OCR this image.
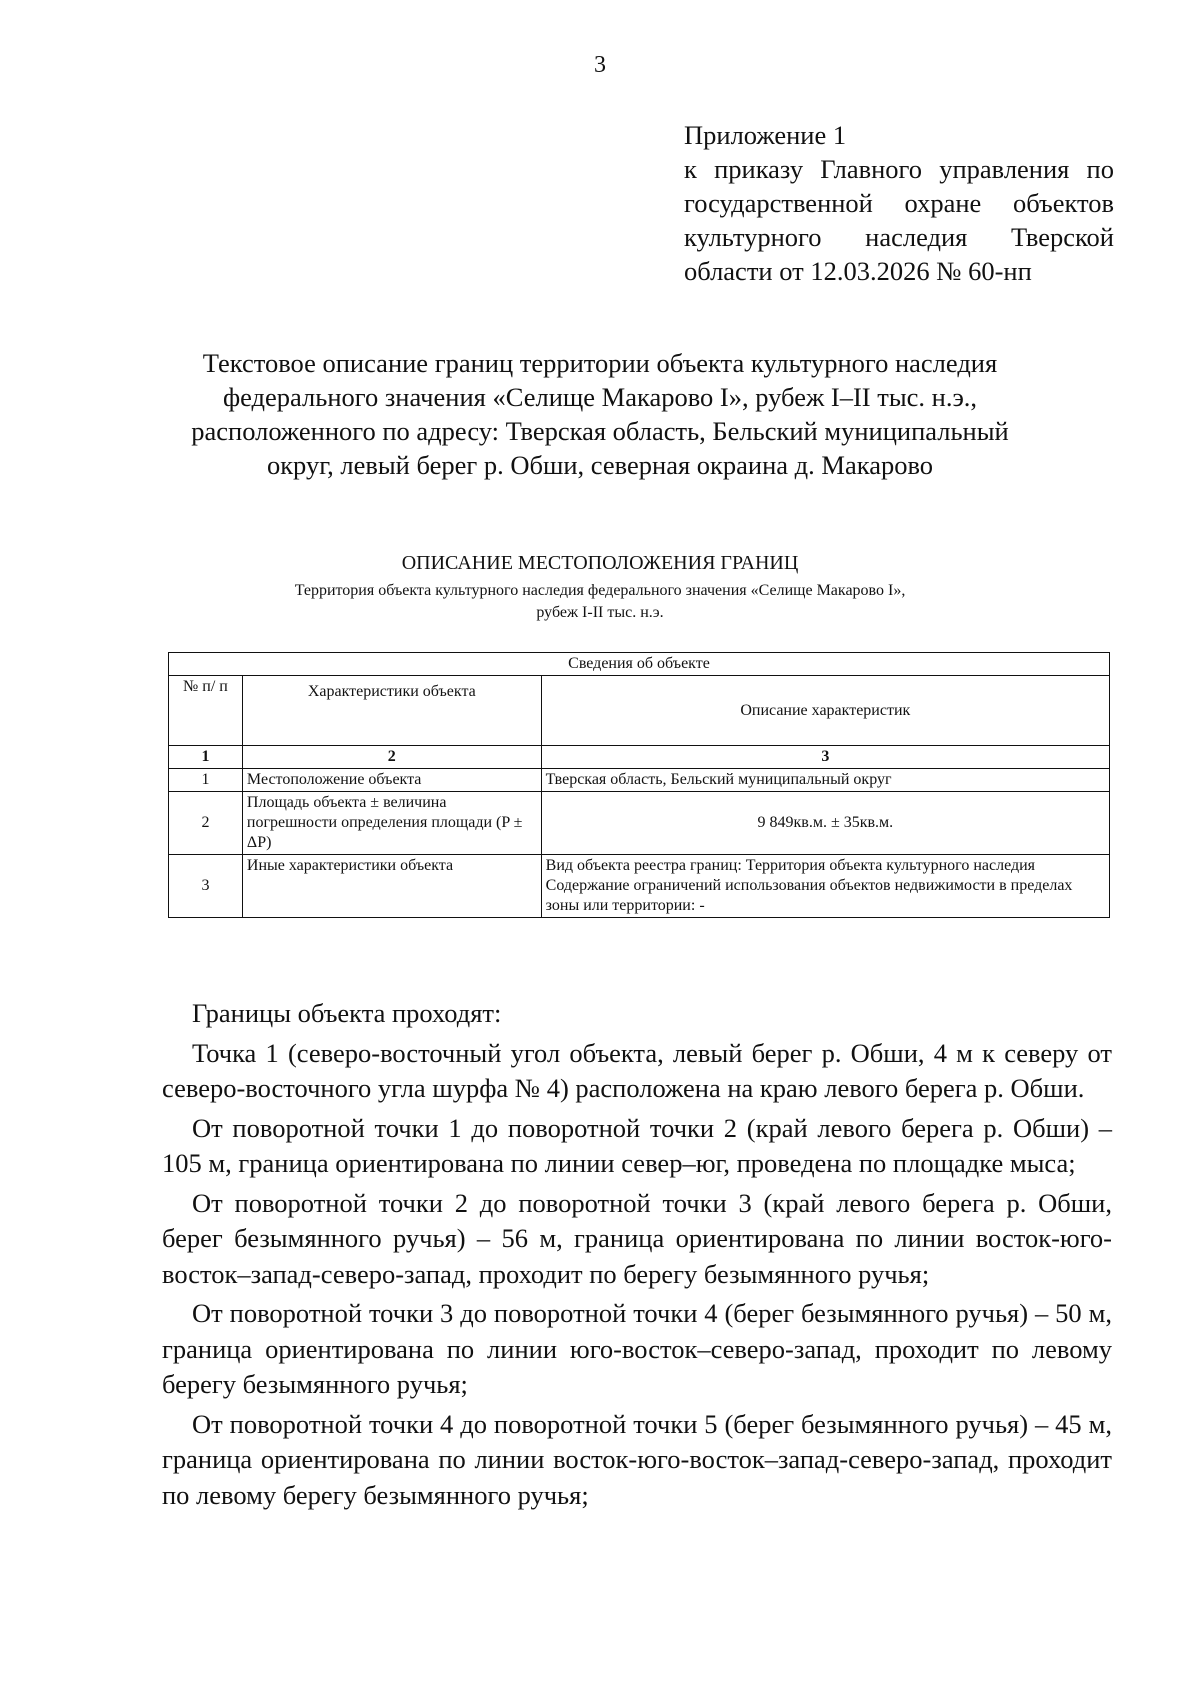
3
Приложение 1
к приказу Главного управления по
государственной охране объектов
культурного наследия Тверской
области от 12.03.2026 № 60-нп
Текстовое описание границ территории объекта культурного наследия
федерального значения «Селище Макарово I», рубеж I–II тыс. н.э.,
расположенного по адресу: Тверская область, Бельский муниципальный
округ, левый берег р. Обши, северная окраина д. Макарово
ОПИСАНИЕ МЕСТОПОЛОЖЕНИЯ ГРАНИЦ
Территория объекта культурного наследия федерального значения «Селище Макарово I»,
рубеж I-II тыс. н.э.
Сведения об объекте		
№ п/ п	Характеристики объекта	Описание характеристик
1	2	3
1	Местоположение объекта	Тверская область, Бельский муниципальный округ
2	Площадь объекта ± величина погрешности определения площади (P ± ΔP)	9 849кв.м. ± 35кв.м.
3	Иные характеристики объекта	Вид объекта реестра границ: Территория объекта культурного наследия
Содержание ограничений использования объектов недвижимости в пределах зоны или территории: -

Границы объекта проходят:

Точка 1 (северо-восточный угол объекта, левый берег р. Обши, 4 м к северу от северо-восточного угла шурфа № 4) расположена на краю левого берега р. Обши.

От поворотной точки 1 до поворотной точки 2 (край левого берега р. Обши) – 105 м, граница ориентирована по линии север–юг, проведена по площадке мыса;

От поворотной точки 2 до поворотной точки 3 (край левого берега р. Обши, берег безымянного ручья) – 56 м, граница ориентирована по линии восток-юго-восток–запад-северо-запад, проходит по берегу безымянного ручья;

От поворотной точки 3 до поворотной точки 4 (берег безымянного ручья) – 50 м, граница ориентирована по линии юго-восток–северо-запад, проходит по левому берегу безымянного ручья;

От поворотной точки 4 до поворотной точки 5 (берег безымянного ручья) – 45 м, граница ориентирована по линии восток-юго-восток–запад-северо-запад, проходит по левому берегу безымянного ручья;
